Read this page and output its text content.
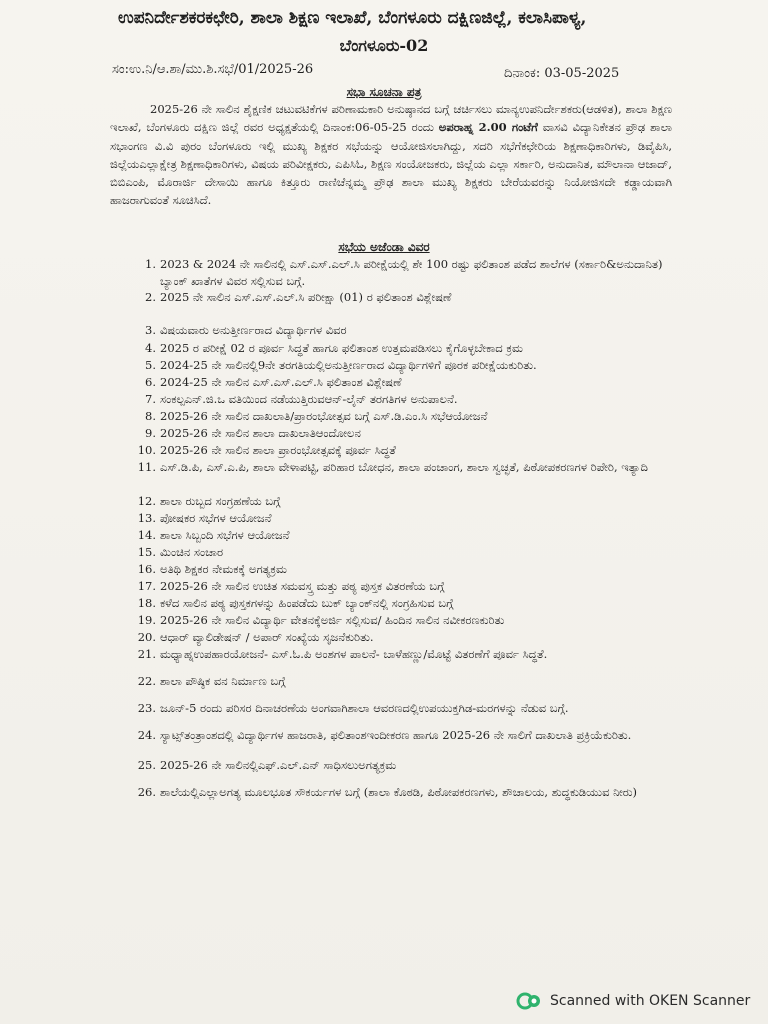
ಉಪನಿರ್ದೇಶಕರಕಛೇರಿ, ಶಾಲಾ ಶಿಕ್ಷಣ ಇಲಾಖೆ, ಬೆಂಗಳೂರು ದಕ್ಷಿಣಜಿಲ್ಲೆ, ಕಲಾಸಿಪಾಳ್ಯ,
ಬೆಂಗಳೂರು-02
ಸಂ:ಉ.ನಿ/ಆ.ಶಾ/ಮು.ಶಿ.ಸಭೆ/01/2025-26	ದಿನಾಂಕ: 03-05-2025
ಸಭಾ ಸೂಚನಾ ಪತ್ರ
2025-26 ನೇ ಸಾಲಿನ ಶೈಕ್ಷಣಿಕ ಚಟುವಟಿಕೆಗಳ ಪರಿಣಾಮಕಾರಿ ಅನುಷ್ಠಾನದ ಬಗ್ಗೆ ಚರ್ಚಿಸಲು ಮಾನ್ಯಉಪನಿರ್ದೇಶಕರು(ಆಡಳಿತ), ಶಾಲಾ ಶಿಕ್ಷಣ ಇಲಾಖೆ, ಬೆಂಗಳೂರು ದಕ್ಷಿಣ ಜಿಲ್ಲೆ ರವರ ಅಧ್ಯಕ್ಷತೆಯಲ್ಲಿ ದಿನಾಂಕ:06-05-25 ರಂದು ಅಪರಾಹ್ನ 2.00 ಗಂಟೆಗೆ ವಾಸವಿ ವಿದ್ಯಾನಿಕೇತನ ಪ್ರೌಢ ಶಾಲಾ ಸಭಾಂಗಣ ವಿ.ವಿ ಪುರಂ ಬೆಂಗಳೂರು ಇಲ್ಲಿ ಮುಖ್ಯ ಶಿಕ್ಷಕರ ಸಭೆಯನ್ನು ಆಯೋಜಿಸಲಾಗಿದ್ದು, ಸದರಿ ಸಭೆಗೆಕಛೇರಿಯ ಶಿಕ್ಷಣಾಧಿಕಾರಿಗಳು, ಡಿವೈಪಿಸಿ, ಜಿಲ್ಲೆಯಎಲ್ಲಾಕ್ಷೇತ್ರ ಶಿಕ್ಷಣಾಧಿಕಾರಿಗಳು, ವಿಷಯ ಪರಿವೀಕ್ಷಕರು, ಎಪಿಸಿಓ, ಶಿಕ್ಷಣ ಸಂಯೋಜಕರು, ಜಿಲ್ಲೆಯ ಎಲ್ಲಾ ಸರ್ಕಾರಿ, ಅನುದಾನಿತ, ಮೌಲಾನಾ ಆಜಾದ್, ಬಿಬಿಎಂಪಿ, ಮೊರಾರ್ಜಿ ದೇಸಾಯಿ ಹಾಗೂ ಕಿತ್ತೂರು ರಾಣಿಚೆನ್ನಮ್ಮ ಪ್ರೌಢ ಶಾಲಾ ಮುಖ್ಯ ಶಿಕ್ಷಕರು ಬೇರೆಯವರನ್ನು ನಿಯೋಜಿಸದೇ ಕಡ್ಡಾಯವಾಗಿ ಹಾಜರಾಗುವಂತೆ ಸೂಚಿಸಿದೆ.
ಸಭೆಯ ಅಜೆಂಡಾ ವಿವರ
1. 2023 & 2024 ನೇ ಸಾಲಿನಲ್ಲಿ ಎಸ್.ಎಸ್.ಎಲ್.ಸಿ ಪರೀಕ್ಷೆಯಲ್ಲಿ ಶೇ 100 ರಷ್ಟು ಫಲಿತಾಂಶ ಪಡೆದ ಶಾಲೆಗಳ (ಸರ್ಕಾರಿ&ಅನುದಾನಿತ) ಬ್ಯಾಂಕ್ ಖಾತೆಗಳ ವಿವರ ಸಲ್ಲಿಸುವ ಬಗ್ಗೆ.
2. 2025 ನೇ ಸಾಲಿನ ಎಸ್.ಎಸ್.ಎಲ್.ಸಿ ಪರೀಕ್ಷಾ (01) ರ ಫಲಿತಾಂಶ ವಿಶ್ಲೇಷಣೆ
3. ವಿಷಯವಾರು ಅನುತ್ತೀರ್ಣರಾದ ವಿದ್ಯಾರ್ಥಿಗಳ ವಿವರ
4. 2025 ರ ಪರೀಕ್ಷೆ 02 ರ ಪೂರ್ವ ಸಿದ್ಧತೆ ಹಾಗೂ ಫಲಿತಾಂಶ ಉತ್ತಮಪಡಿಸಲು ಕೈಗೊಳ್ಳಬೇಕಾದ ಕ್ರಮ
5. 2024-25 ನೇ ಸಾಲಿನಲ್ಲಿ9ನೇ ತರಗತಿಯಲ್ಲಿಅನುತ್ತೀರ್ಣರಾದ ವಿದ್ಯಾರ್ಥಿಗಳಿಗೆ ಪೂರಕ ಪರೀಕ್ಷೆಯಕುರಿತು.
6. 2024-25 ನೇ ಸಾಲಿನ ಎಸ್.ಎಸ್.ಎಲ್.ಸಿ ಫಲಿತಾಂಶ ವಿಶ್ಲೇಷಣೆ
7. ಸಂಕಲ್ಪಎನ್.ಜಿ.ಒ ವತಿಯಿಂದ ನಡೆಯುತ್ತಿರುವಆನ್-ಲೈನ್ ತರಗತಿಗಳ ಅನುಪಾಲನೆ.
8. 2025-26 ನೇ ಸಾಲಿನ ದಾಖಲಾತಿ/ಪ್ರಾರಂಭೋತ್ಸವ ಬಗ್ಗೆ ಎಸ್.ಡಿ.ಎಂ.ಸಿ ಸಭೆಆಯೋಜನೆ
9. 2025-26 ನೇ ಸಾಲಿನ ಶಾಲಾ ದಾಖಲಾತಿಆಂದೋಲನ
10. 2025-26 ನೇ ಸಾಲಿನ ಶಾಲಾ ಪ್ರಾರಂಭೋತ್ಸವಕ್ಕೆ ಪೂರ್ವ ಸಿದ್ಧತೆ
11. ಎಸ್.ಡಿ.ಪಿ, ಎಸ್.ಎ.ಪಿ, ಶಾಲಾ ವೇಳಾಪಟ್ಟಿ, ಪರಿಹಾರ ಬೋಧನ, ಶಾಲಾ ಪಂಚಾಂಗ, ಶಾಲಾ ಸ್ವಚ್ಛತೆ, ಪಿಠೋಪಕರಣಗಳ ರಿಪೇರಿ, ಇತ್ಯಾದಿ
12. ಶಾಲಾ ರುಬ್ಬದ ಸಂಗ್ರಹಣೆಯ ಬಗ್ಗೆ
13. ಪೋಷಕರ ಸಭೆಗಳ ಆಯೋಜನೆ
14. ಶಾಲಾ ಸಿಬ್ಬಂದಿ ಸಭೆಗಳ ಆಯೋಜನೆ
15. ಮಿಂಚಿನ ಸಂಚಾರ
16. ಅತಿಥಿ ಶಿಕ್ಷಕರ ನೇಮಕಕ್ಕೆ ಅಗತ್ಯಕ್ರಮ
17. 2025-26 ನೇ ಸಾಲಿನ ಉಚಿತ ಸಮವಸ್ತ್ರ ಮತ್ತು ಪಠ್ಯ ಪುಸ್ತಕ ವಿತರಣೆಯ ಬಗ್ಗೆ
18. ಕಳೆದ ಸಾಲಿನ ಪಠ್ಯ ಪುಸ್ತಕಗಳನ್ನು ಹಿಂಪಡೆದು ಬುಕ್ ಬ್ಯಾಂಕ್‌ನಲ್ಲಿ ಸಂಗ್ರಹಿಸುವ ಬಗ್ಗೆ
19. 2025-26 ನೇ ಸಾಲಿನ ವಿದ್ಯಾರ್ಥಿ ವೇತನಕ್ಕೆಅರ್ಜಿ ಸಲ್ಲಿಸುವ/ ಹಿಂದಿನ ಸಾಲಿನ ನವೀಕರಣಕುರಿತು
20. ಆಧಾರ್ ವ್ಯಾಲಿಡೇಷನ್ / ಅಪಾರ್ ಸಂಖ್ಯೆಯ ಸೃಜನೆಕುರಿತು.
21. ಮಧ್ಯಾಹ್ನಉಪಹಾರಯೋಜನೆ- ಎಸ್.ಓ.ಪಿ ಅಂಶಗಳ ಪಾಲನೆ- ಬಾಳೆಹಣ್ಣು/ಮೊಟ್ಟೆ ವಿತರಣೆಗೆ ಪೂರ್ವ ಸಿದ್ಧತೆ.
22. ಶಾಲಾ ಪೌಷ್ಠಿಕ ವನ ನಿರ್ಮಾಣ ಬಗ್ಗೆ
23. ಜೂನ್-5 ರಂದು ಪರಿಸರ ದಿನಾಚರಣೆಯ ಅಂಗವಾಗಿಶಾಲಾ ಆವರಣದಲ್ಲಿಉಪಯುಕ್ತಗಿಡ-ಮರಗಳನ್ನು ನೆಡುವ ಬಗ್ಗೆ.
24. ಸ್ಯಾಟ್ಸ್‌ತಂತ್ರಾಂಶದಲ್ಲಿ ವಿದ್ಯಾರ್ಥಿಗಳ ಹಾಜರಾತಿ, ಫಲಿತಾಂಶಇಂದೀಕರಣ ಹಾಗೂ 2025-26 ನೇ ಸಾಲಿಗೆ ದಾಖಲಾತಿ ಪ್ರಕ್ರಿಯೆಕುರಿತು.
25. 2025-26 ನೇ ಸಾಲಿನಲ್ಲಿಎಫ್.ಎಲ್.ಎನ್ ಸಾಧಿಸಲುಅಗತ್ಯಕ್ರಮ
26. ಶಾಲೆಯಲ್ಲಿಎಲ್ಲಾಅಗತ್ಯ ಮೂಲಭೂತ ಸೌಕರ್ಯಗಳ ಬಗ್ಗೆ (ಶಾಲಾ ಕೊಠಡಿ, ಪಿಠೋಪಕರಣಗಳು, ಶೌಚಾಲಯ, ಶುದ್ಧಕುಡಿಯುವ ನೀರು)
Scanned with OKEN Scanner
